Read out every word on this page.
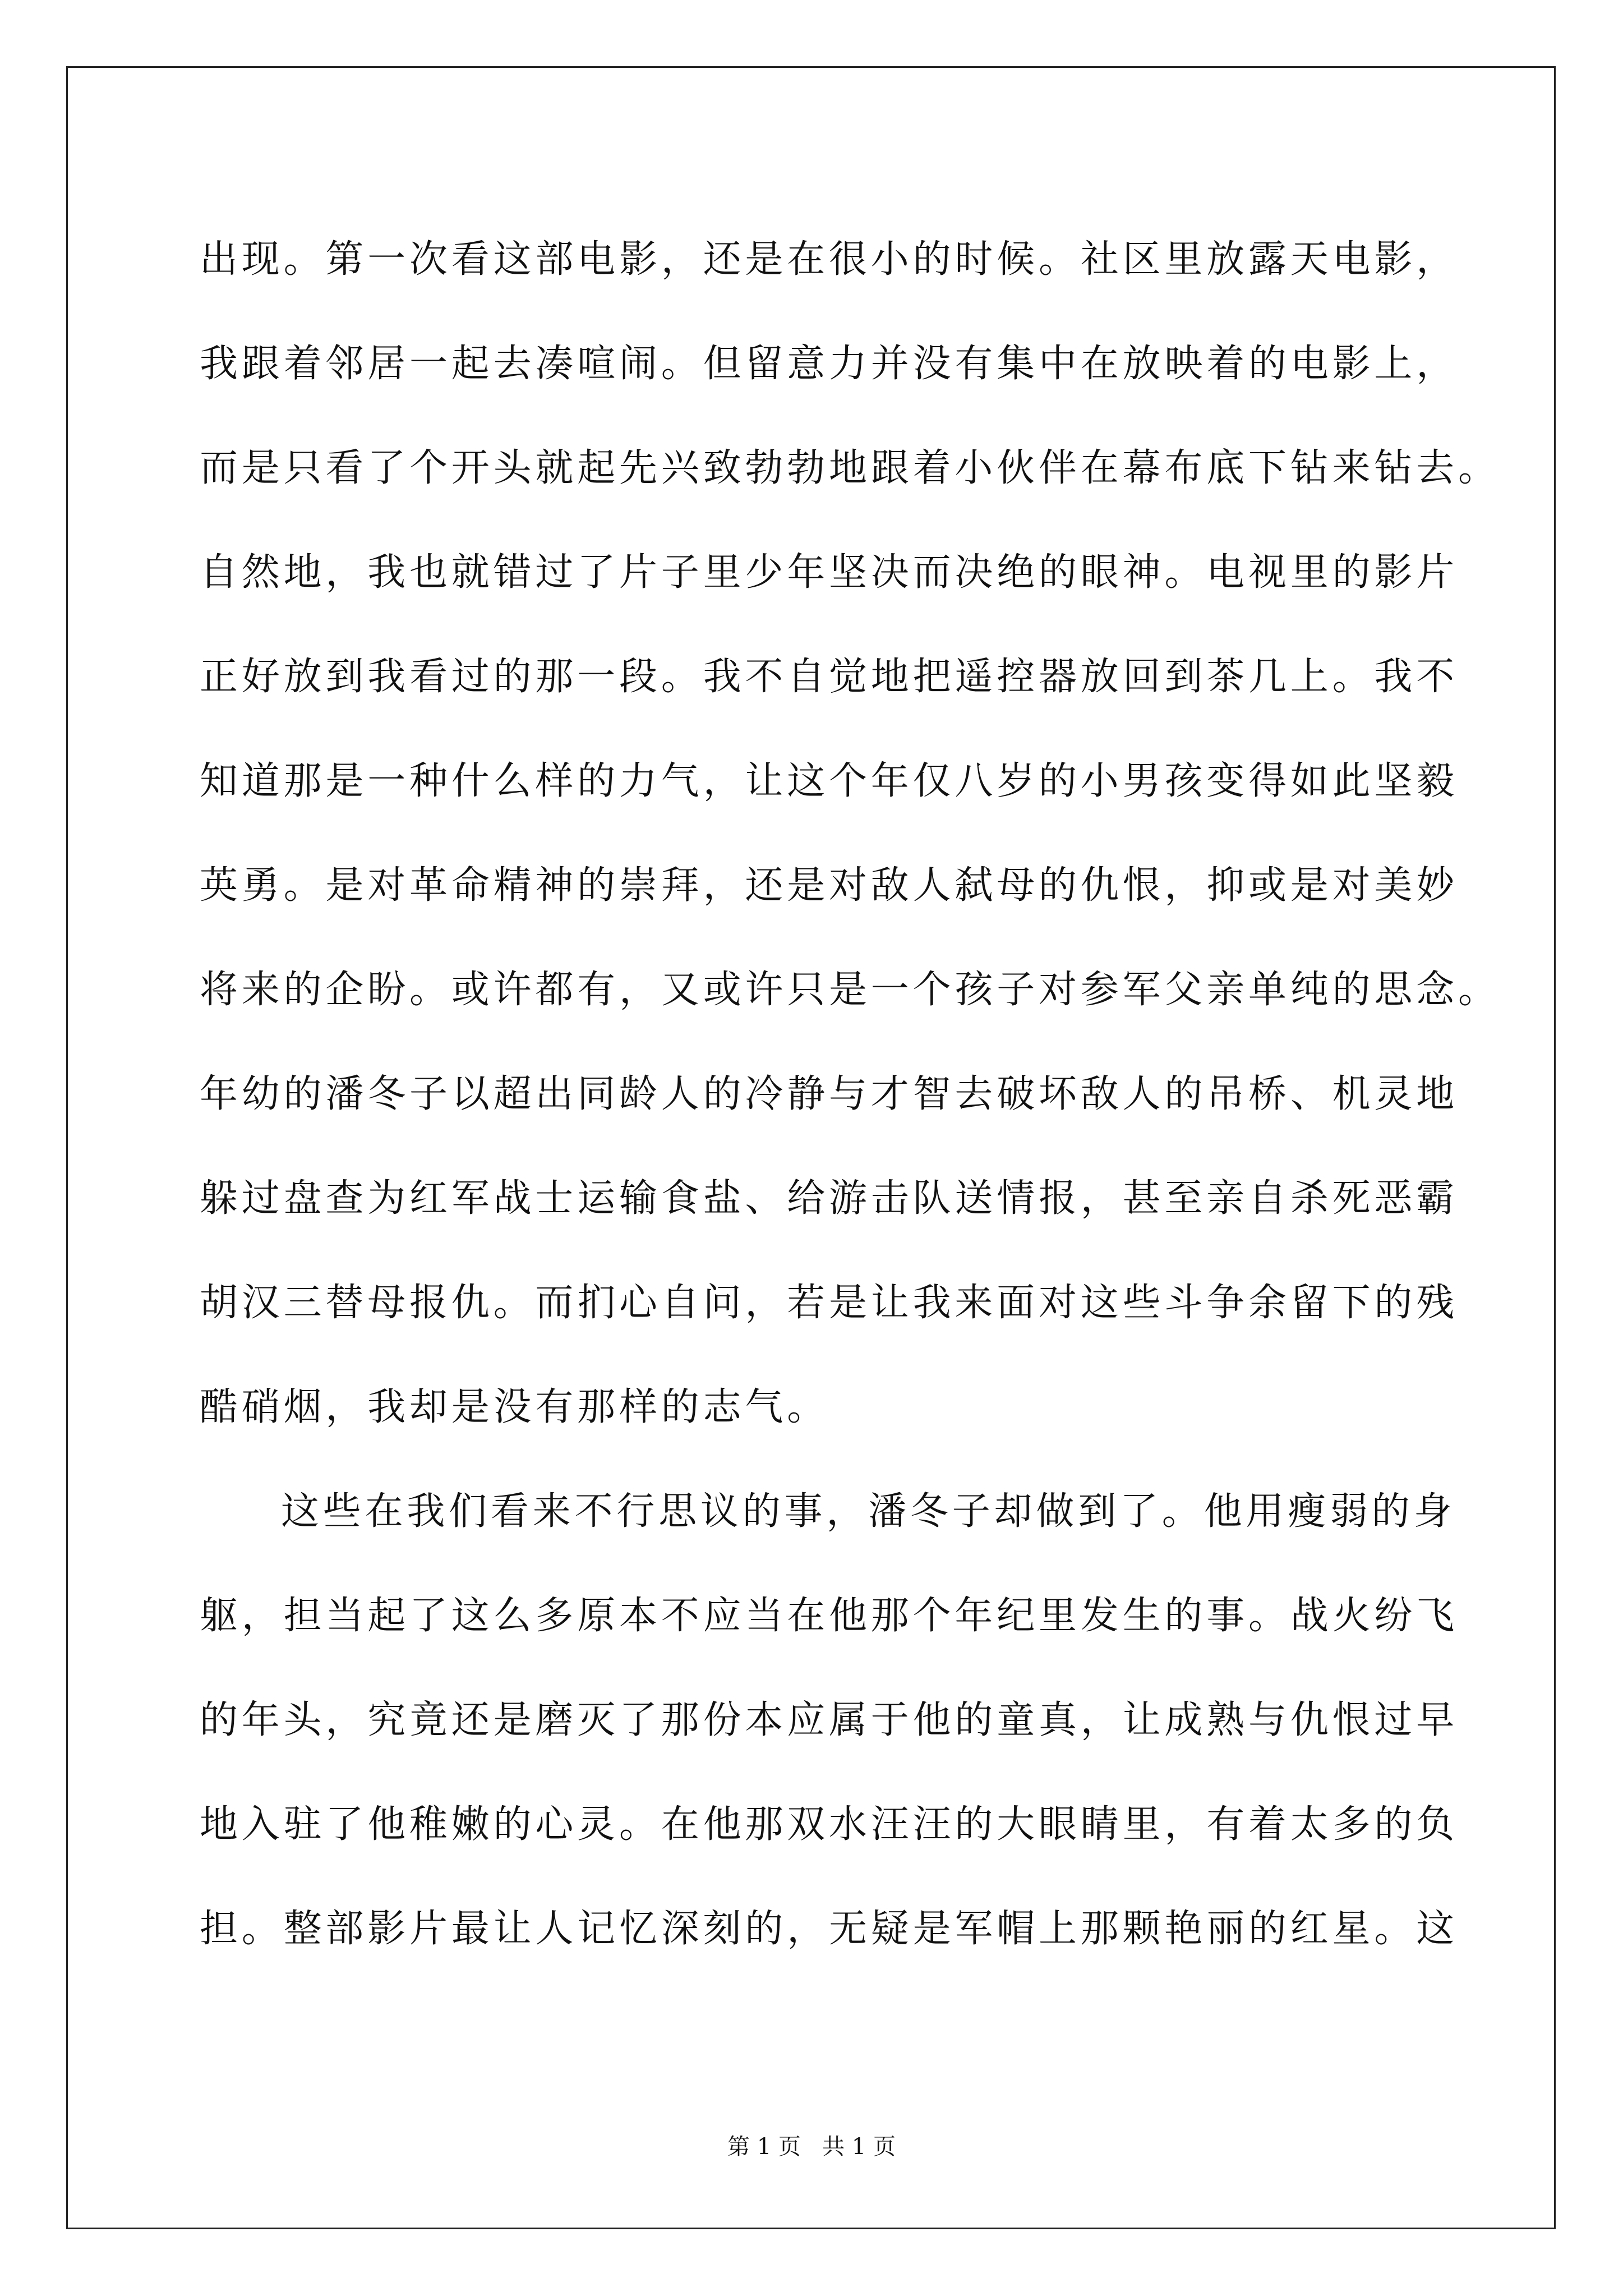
出现。第一次看这部电影，还是在很小的时候。社区里放露天电影，
我跟着邻居一起去凑喧闹。但留意力并没有集中在放映着的电影上，
而是只看了个开头就起先兴致勃勃地跟着小伙伴在幕布底下钻来钻去。
自然地，我也就错过了片子里少年坚决而决绝的眼神。电视里的影片
正好放到我看过的那一段。我不自觉地把遥控器放回到茶几上。我不
知道那是一种什么样的力气，让这个年仅八岁的小男孩变得如此坚毅
英勇。是对革命精神的崇拜，还是对敌人弑母的仇恨，抑或是对美妙
将来的企盼。或许都有，又或许只是一个孩子对参军父亲单纯的思念。
年幼的潘冬子以超出同龄人的冷静与才智去破坏敌人的吊桥、机灵地
躲过盘查为红军战士运输食盐、给游击队送情报，甚至亲自杀死恶霸
胡汉三替母报仇。而扪心自问，若是让我来面对这些斗争余留下的残
酷硝烟，我却是没有那样的志气。
这些在我们看来不行思议的事，潘冬子却做到了。他用瘦弱的身
躯，担当起了这么多原本不应当在他那个年纪里发生的事。战火纷飞
的年头，究竟还是磨灭了那份本应属于他的童真，让成熟与仇恨过早
地入驻了他稚嫩的心灵。在他那双水汪汪的大眼睛里，有着太多的负
担。整部影片最让人记忆深刻的，无疑是军帽上那颗艳丽的红星。这
第 1 页   共 1 页
